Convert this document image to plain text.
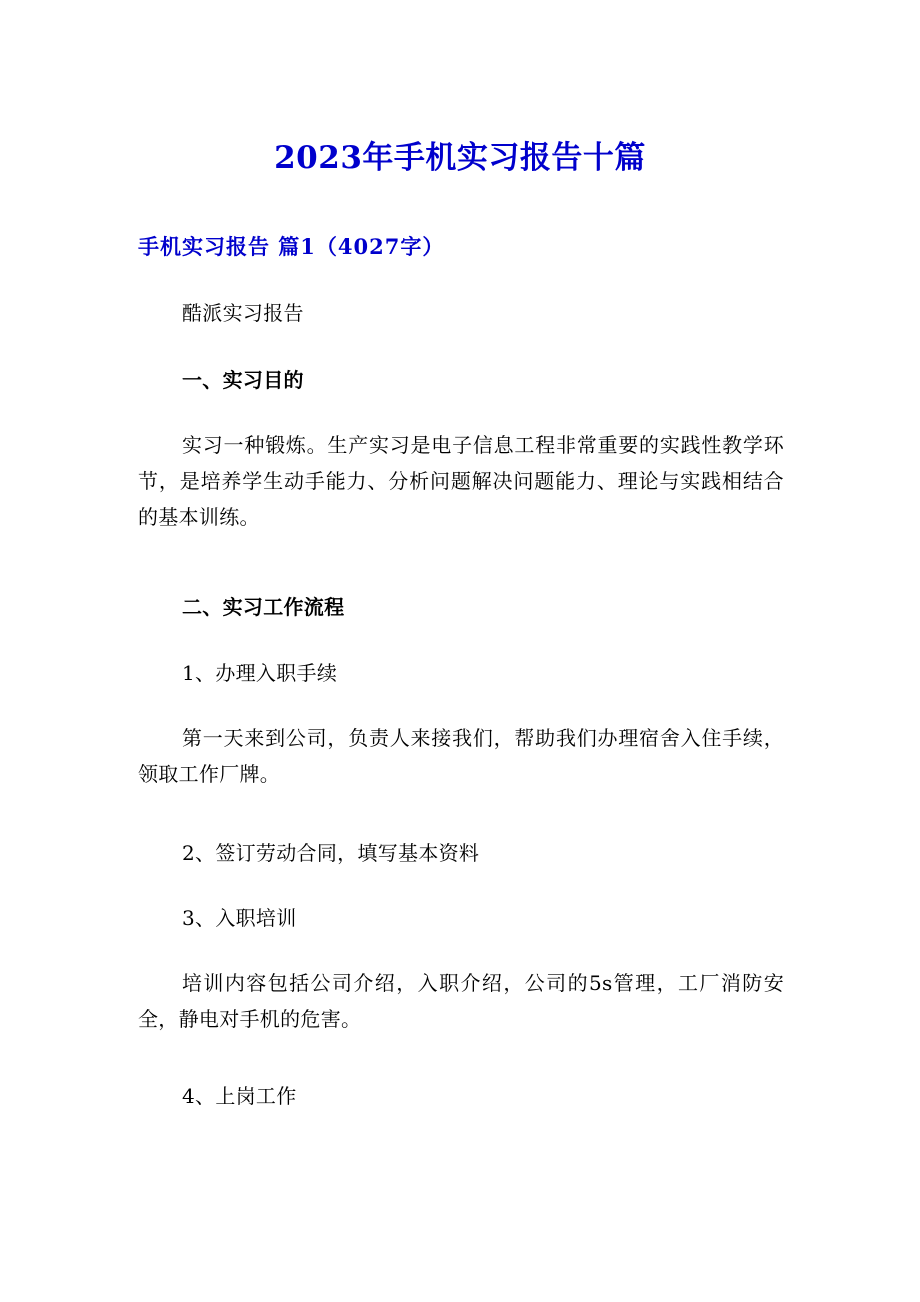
2023年手机实习报告十篇
手机实习报告 篇1（4027字）

酷派实习报告

一、实习目的

实习一种锻炼。生产实习是电子信息工程非常重要的实践性教学环节，是培养学生动手能力、分析问题解决问题能力、理论与实践相结合的基本训练。

二、实习工作流程

1、办理入职手续

第一天来到公司，负责人来接我们，帮助我们办理宿舍入住手续，领取工作厂牌。

2、签订劳动合同，填写基本资料

3、入职培训

培训内容包括公司介绍，入职介绍，公司的5s管理，工厂消防安全，静电对手机的危害。

4、上岗工作
